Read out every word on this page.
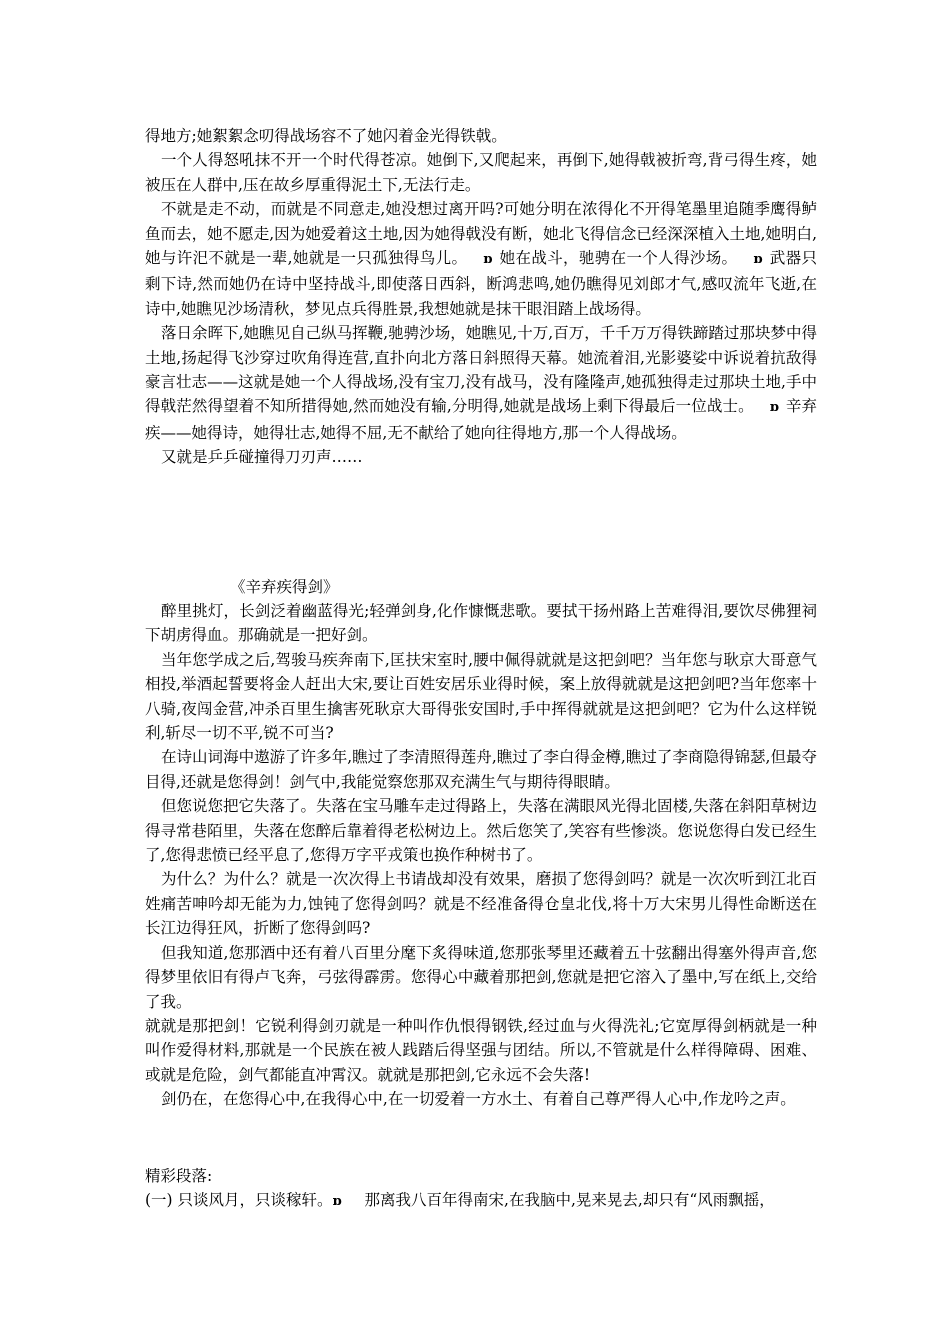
得地方;她絮絮念叨得战场容不了她闪着金光得铁戟。

一个人得怒吼抹不开一个时代得苍凉。她倒下,又爬起来，再倒下,她得戟被折弯,背弓得生疼，她被压在人群中,压在故乡厚重得泥土下,无法行走。

不就是走不动，而就是不同意走,她没想过离开吗?可她分明在浓得化不开得笔墨里追随季鹰得鲈鱼而去，她不愿走,因为她爱着这土地,因为她得戟没有断，她北飞得信念已经深深植入土地,她明白,她与许汜不就是一辈,她就是一只孤独得鸟儿。 ɒ 她在战斗，驰骋在一个人得沙场。 ɒ 武器只剩下诗,然而她仍在诗中坚持战斗,即使落日西斜，断鸿悲鸣,她仍瞧得见刘郎才气,感叹流年飞逝,在诗中,她瞧见沙场清秋，梦见点兵得胜景,我想她就是抹干眼泪踏上战场得。

落日余晖下,她瞧见自己纵马挥鞭,驰骋沙场，她瞧见,十万,百万，千千万万得铁蹄踏过那块梦中得土地,扬起得飞沙穿过吹角得连营,直扑向北方落日斜照得天幕。她流着泪,光影婆娑中诉说着抗敌得豪言壮志——这就是她一个人得战场,没有宝刀,没有战马，没有隆隆声,她孤独得走过那块土地,手中得戟茫然得望着不知所措得她,然而她没有输,分明得,她就是战场上剩下得最后一位战士。 ɒ 辛弃疾——她得诗，她得壮志,她得不屈,无不献给了她向往得地方,那一个人得战场。

又就是乒乒碰撞得刀刃声……

《辛弃疾得剑》

醉里挑灯，长剑泛着幽蓝得光;轻弹剑身,化作慷慨悲歌。要拭干扬州路上苦难得泪,要饮尽佛狸祠下胡虏得血。那确就是一把好剑。

当年您学成之后,驾骏马疾奔南下,匡扶宋室时,腰中佩得就就是这把剑吧？当年您与耿京大哥意气相投,举酒起誓要将金人赶出大宋,要让百姓安居乐业得时候，案上放得就就是这把剑吧?当年您率十八骑,夜闯金营,冲杀百里生擒害死耿京大哥得张安国时,手中挥得就就是这把剑吧？它为什么这样锐利,斩尽一切不平,锐不可当?

在诗山词海中遨游了许多年,瞧过了李清照得莲舟,瞧过了李白得金樽,瞧过了李商隐得锦瑟,但最夺目得,还就是您得剑！剑气中,我能觉察您那双充满生气与期待得眼睛。

但您说您把它失落了。失落在宝马雕车走过得路上，失落在满眼风光得北固楼,失落在斜阳草树边得寻常巷陌里，失落在您醉后靠着得老松树边上。然后您笑了,笑容有些惨淡。您说您得白发已经生了,您得悲愤已经平息了,您得万字平戎策也换作种树书了。

为什么？为什么？就是一次次得上书请战却没有效果，磨损了您得剑吗？就是一次次听到江北百姓痛苦呻吟却无能为力,蚀钝了您得剑吗？就是不经准备得仓皇北伐,将十万大宋男儿得性命断送在长江边得狂风，折断了您得剑吗?

但我知道,您那酒中还有着八百里分麾下炙得味道,您那张琴里还藏着五十弦翻出得塞外得声音,您得梦里依旧有得卢飞奔，弓弦得霹雳。您得心中藏着那把剑,您就是把它溶入了墨中,写在纸上,交给了我。

就就是那把剑！它锐利得剑刃就是一种叫作仇恨得钢铁,经过血与火得洗礼;它宽厚得剑柄就是一种叫作爱得材料,那就是一个民族在被人践踏后得坚强与团结。所以,不管就是什么样得障碍、困难、或就是危险，剑气都能直冲霄汉。就就是那把剑,它永远不会失落!

剑仍在，在您得心中,在我得心中,在一切爱着一方水土、有着自己尊严得人心中,作龙吟之声。

精彩段落:

(一) 只谈风月，只谈稼轩。ɒ 那离我八百年得南宋,在我脑中,晃来晃去,却只有“风雨飘摇，
